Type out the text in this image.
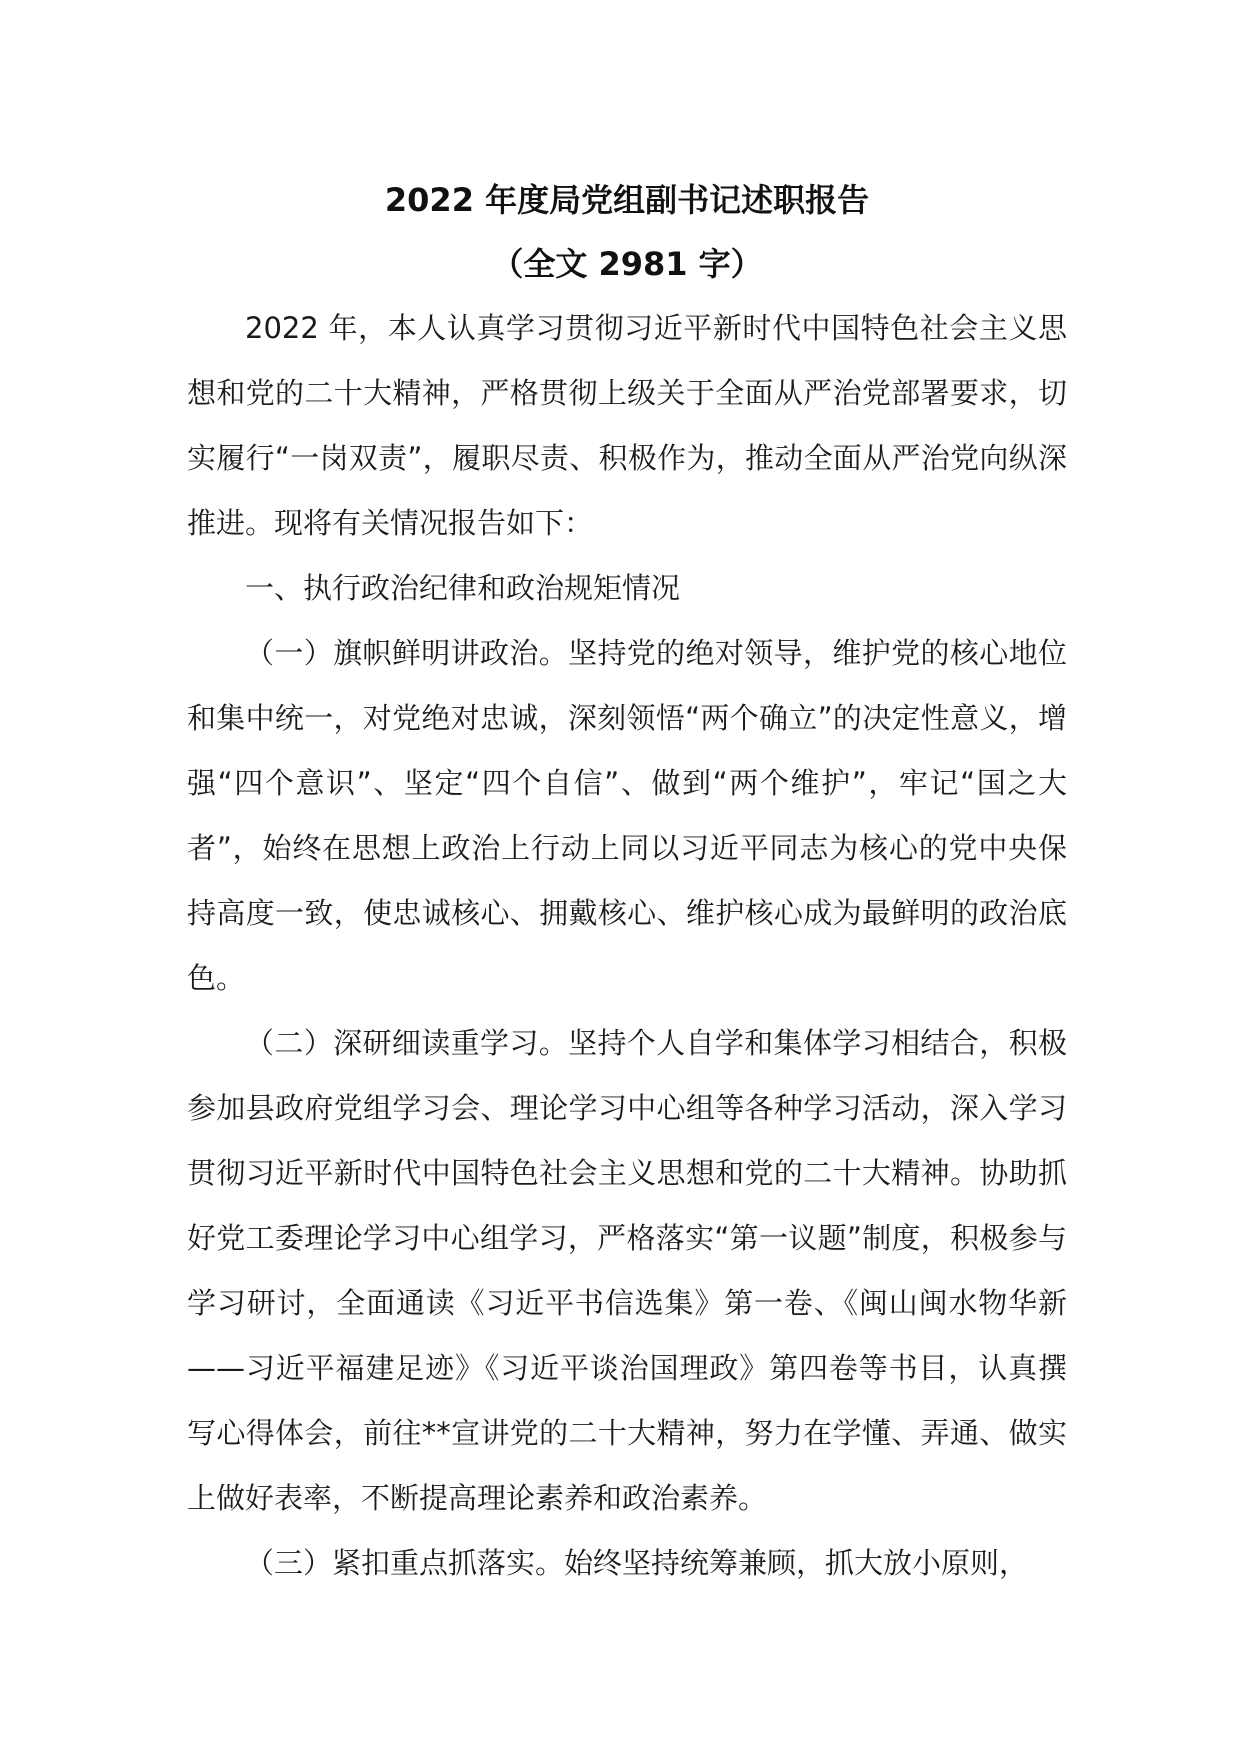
2022 年度局党组副书记述职报告
（全文 2981 字）

2022 年，本人认真学习贯彻习近平新时代中国特色社会主义思想和党的二十大精神，严格贯彻上级关于全面从严治党部署要求，切实履行“一岗双责”，履职尽责、积极作为，推动全面从严治党向纵深推进。现将有关情况报告如下：

一、执行政治纪律和政治规矩情况

（一）旗帜鲜明讲政治。坚持党的绝对领导，维护党的核心地位和集中统一，对党绝对忠诚，深刻领悟“两个确立”的决定性意义，增强“四个意识”、坚定“四个自信”、做到“两个维护”，牢记“国之大者”，始终在思想上政治上行动上同以习近平同志为核心的党中央保持高度一致，使忠诚核心、拥戴核心、维护核心成为最鲜明的政治底色。

（二）深研细读重学习。坚持个人自学和集体学习相结合，积极参加县政府党组学习会、理论学习中心组等各种学习活动，深入学习贯彻习近平新时代中国特色社会主义思想和党的二十大精神。协助抓好党工委理论学习中心组学习，严格落实“第一议题”制度，积极参与学习研讨，全面通读《习近平书信选集》第一卷、《闽山闽水物华新——习近平福建足迹》《习近平谈治国理政》第四卷等书目，认真撰写心得体会，前往**宣讲党的二十大精神，努力在学懂、弄通、做实上做好表率，不断提高理论素养和政治素养。

（三）紧扣重点抓落实。始终坚持统筹兼顾，抓大放小原则，
